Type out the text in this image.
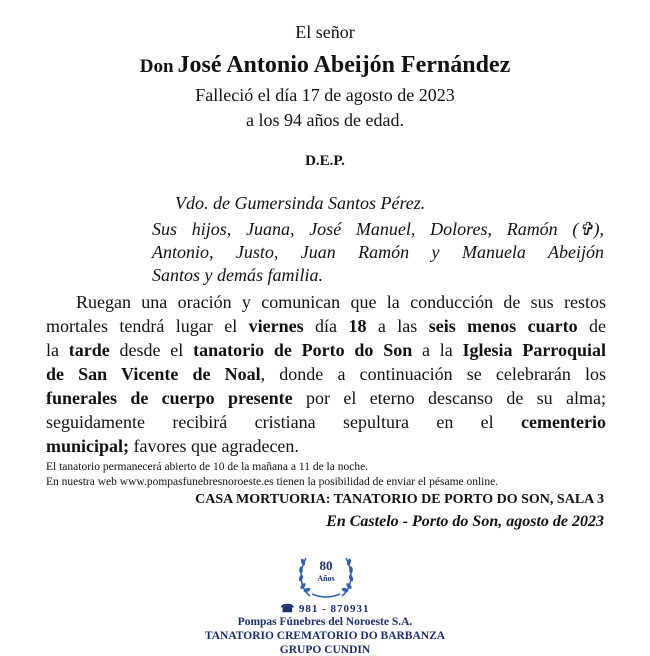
El señor
Don José Antonio Abeijón Fernández
Falleció el día 17 de agosto de 2023
a los 94 años de edad.
D.E.P.
Vdo. de Gumersinda Santos Pérez.
Sus hijos, Juana, José Manuel, Dolores, Ramón (✞),
Antonio, Justo, Juan Ramón y Manuela Abeijón
Santos y demás familia.
Ruegan una oración y comunican que la conducción de sus restos
mortales tendrá lugar el viernes día 18 a las seis menos cuarto de
la tarde desde el tanatorio de Porto do Son a la Iglesia Parroquial
de San Vicente de Noal, donde a continuación se celebrarán los
funerales de cuerpo presente por el eterno descanso de su alma;
seguidamente recibirá cristiana sepultura en el cementerio
municipal; favores que agradecen.
El tanatorio permanecerá abierto de 10 de la mañana a 11 de la noche.
En nuestra web www.pompasfunebresnoroeste.es tienen la posibilidad de enviar el pésame online.
CASA MORTUORIA: TANATORIO DE PORTO DO SON, SALA 3
En Castelo - Porto do Son, agosto de 2023
80
Años
☎ 981 - 870931
Pompas Fúnebres del Noroeste S.A.
TANATORIO CREMATORIO DO BARBANZA
GRUPO CUNDIN
